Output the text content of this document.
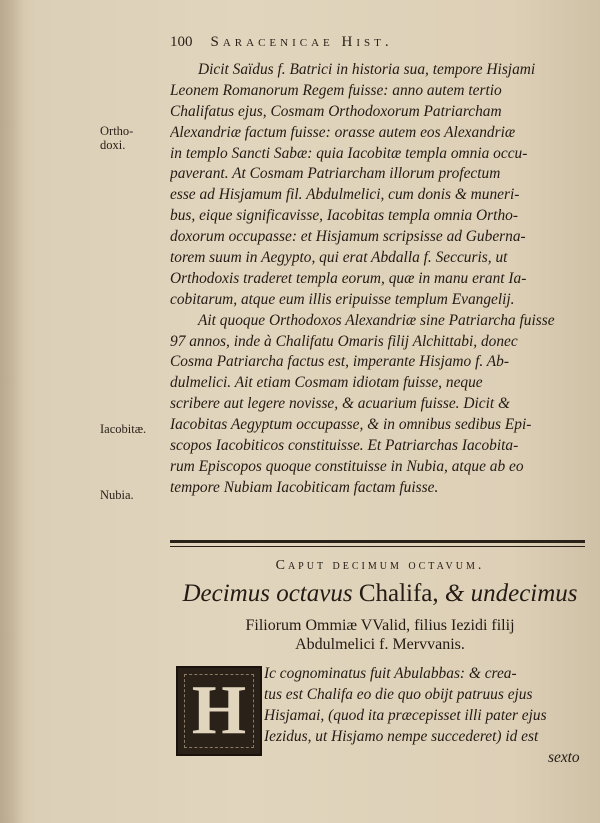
100 Saracenicae Hist.
Ortho-
doxi.
Iacobitæ.
Nubia.
Dicit Saïdus f. Batrici in historia sua, tempore Hisjami
Leonem Romanorum Regem fuisse: anno autem tertio
Chalifatus ejus, Cosmam Orthodoxorum Patriarcham
Alexandriæ factum fuisse: orasse autem eos Alexandriæ
in templo Sancti Sabæ: quia Iacobitæ templa omnia occu-
paverant. At Cosmam Patriarcham illorum profectum
esse ad Hisjamum fil. Abdulmelici, cum donis & muneri-
bus, eique significavisse, Iacobitas templa omnia Ortho-
doxorum occupasse: et Hisjamum scripsisse ad Guberna-
torem suum in Aegypto, qui erat Abdalla f. Seccuris, ut
Orthodoxis traderet templa eorum, quæ in manu erant Ia-
cobitarum, atque eum illis eripuisse templum Evangelij.
Ait quoque Orthodoxos Alexandriæ sine Patriarcha fuisse
97 annos, inde à Chalifatu Omaris filij Alchittabi, donec
Cosma Patriarcha factus est, imperante Hisjamo f. Ab-
dulmelici. Ait etiam Cosmam idiotam fuisse, neque
scribere aut legere novisse, & acuarium fuisse. Dicit &
Iacobitas Aegyptum occupasse, & in omnibus sedibus Epi-
scopos Iacobiticos constituisse. Et Patriarchas Iacobita-
rum Episcopos quoque constituisse in Nubia, atque ab eo
tempore Nubiam Iacobiticam factam fuisse.
Caput decimum octavum.
Decimus octavus Chalifa, & undecimus
Filiorum Ommiæ VValid, filius Iezidi filij
Abdulmelici f. Mervvanis.
H Ic cognominatus fuit Abulabbas: & crea-
tus est Chalifa eo die quo obijt patruus ejus
Hisjamai, (quod ita præcepisset illi pater ejus
Iezidus, ut Hisjamo nempe succederet) id est
sexto
